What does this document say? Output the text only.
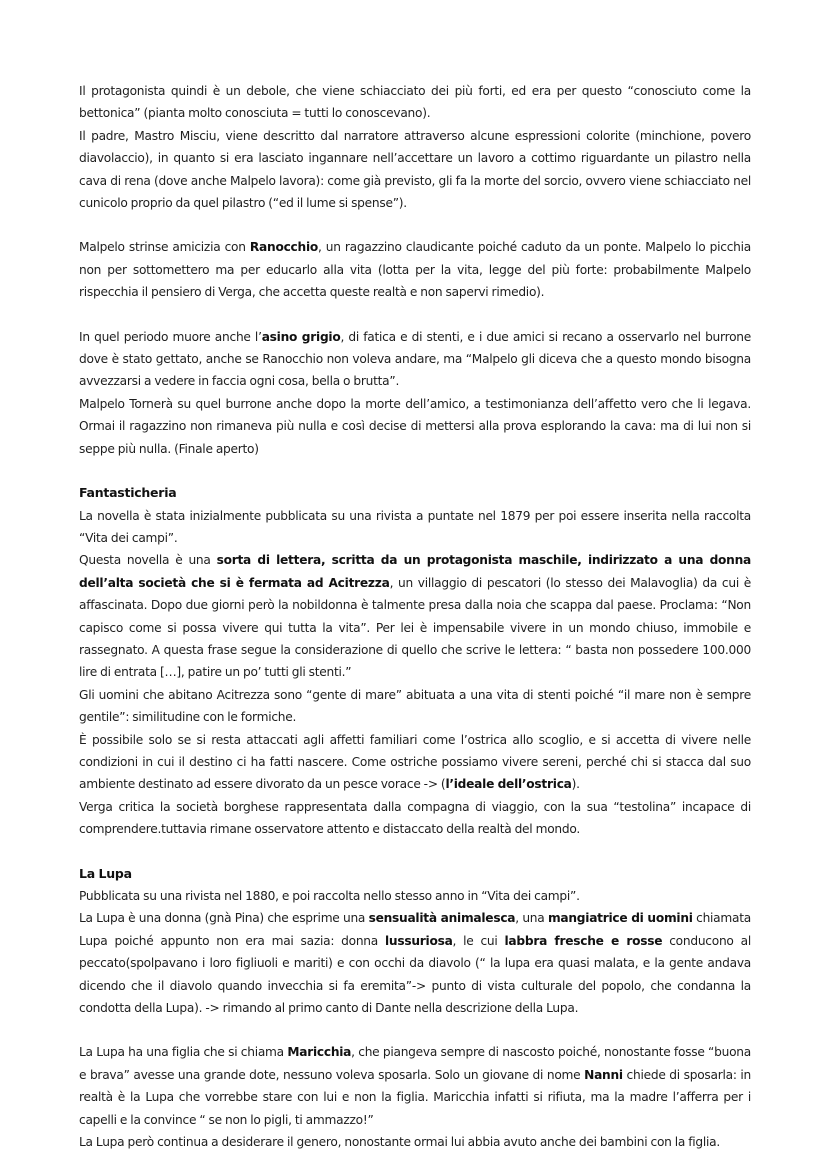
Il protagonista quindi è un debole, che viene schiacciato dei più forti, ed era per questo “conosciuto come la bettonica” (pianta molto conosciuta = tutti lo conoscevano).

Il padre, Mastro Misciu, viene descritto dal narratore attraverso alcune espressioni colorite (minchione, povero diavolaccio), in quanto si era lasciato ingannare nell’accettare un lavoro a cottimo riguardante un pilastro nella cava di rena (dove anche Malpelo lavora): come già previsto, gli fa la morte del sorcio, ovvero viene schiacciato nel cunicolo proprio da quel pilastro (“ed il lume si spense”).

Malpelo strinse amicizia con Ranocchio, un ragazzino claudicante poiché caduto da un ponte. Malpelo lo picchia non per sottomettero ma per educarlo alla vita (lotta per la vita, legge del più forte: probabilmente Malpelo rispecchia il pensiero di Verga, che accetta queste realtà e non sapervi rimedio).

In quel periodo muore anche l’asino grigio, di fatica e di stenti, e i due amici si recano a osservarlo nel burrone dove è stato gettato, anche se Ranocchio non voleva andare, ma “Malpelo gli diceva che a questo mondo bisogna avvezzarsi a vedere in faccia ogni cosa, bella o brutta”.

Malpelo Tornerà su quel burrone anche dopo la morte dell’amico, a testimonianza dell’affetto vero che li legava. Ormai il ragazzino non rimaneva più nulla e così decise di mettersi alla prova esplorando la cava: ma di lui non si seppe più nulla. (Finale aperto)

Fantasticheria

La novella è stata inizialmente pubblicata su una rivista a puntate nel 1879 per poi essere inserita nella raccolta “Vita dei campi”.

Questa novella è una sorta di lettera, scritta da un protagonista maschile, indirizzato a una donna dell’alta società che si è fermata ad Acitrezza, un villaggio di pescatori (lo stesso dei Malavoglia) da cui è affascinata. Dopo due giorni però la nobildonna è talmente presa dalla noia che scappa dal paese. Proclama: “Non capisco come si possa vivere qui tutta la vita”. Per lei è impensabile vivere in un mondo chiuso, immobile e rassegnato. A questa frase segue la considerazione di quello che scrive le lettera: “ basta non possedere 100.000 lire di entrata […], patire un po’ tutti gli stenti.”

Gli uomini che abitano Acitrezza sono “gente di mare” abituata a una vita di stenti poiché “il mare non è sempre gentile”: similitudine con le formiche.

È possibile solo se si resta attaccati agli affetti familiari come l’ostrica allo scoglio, e si accetta di vivere nelle condizioni in cui il destino ci ha fatti nascere. Come ostriche possiamo vivere sereni, perché chi si stacca dal suo ambiente destinato ad essere divorato da un pesce vorace -> (l’ideale dell’ostrica).

Verga critica la società borghese rappresentata dalla compagna di viaggio, con la sua “testolina” incapace di comprendere.tuttavia rimane osservatore attento e distaccato della realtà del mondo.

La Lupa

Pubblicata su una rivista nel 1880, e poi raccolta nello stesso anno in “Vita dei campi”.

La Lupa è una donna (gnà Pina) che esprime una sensualità animalesca, una mangiatrice di uomini chiamata Lupa poiché appunto non era mai sazia: donna lussuriosa, le cui labbra fresche e rosse conducono al peccato(spolpavano i loro figliuoli e mariti) e con occhi da diavolo (“ la lupa era quasi malata, e la gente andava dicendo che il diavolo quando invecchia si fa eremita”-> punto di vista culturale del popolo, che condanna la condotta della Lupa). -> rimando al primo canto di Dante nella descrizione della Lupa.

La Lupa ha una figlia che si chiama Maricchia, che piangeva sempre di nascosto poiché, nonostante fosse “buona e brava” avesse una grande dote, nessuno voleva sposarla. Solo un giovane di nome Nanni chiede di sposarla: in realtà è la Lupa che vorrebbe stare con lui e non la figlia. Maricchia infatti si rifiuta, ma la madre l’afferra per i capelli e la convince “ se non lo pigli, ti ammazzo!”

La Lupa però continua a desiderare il genero, nonostante ormai lui abbia avuto anche dei bambini con la figlia.
